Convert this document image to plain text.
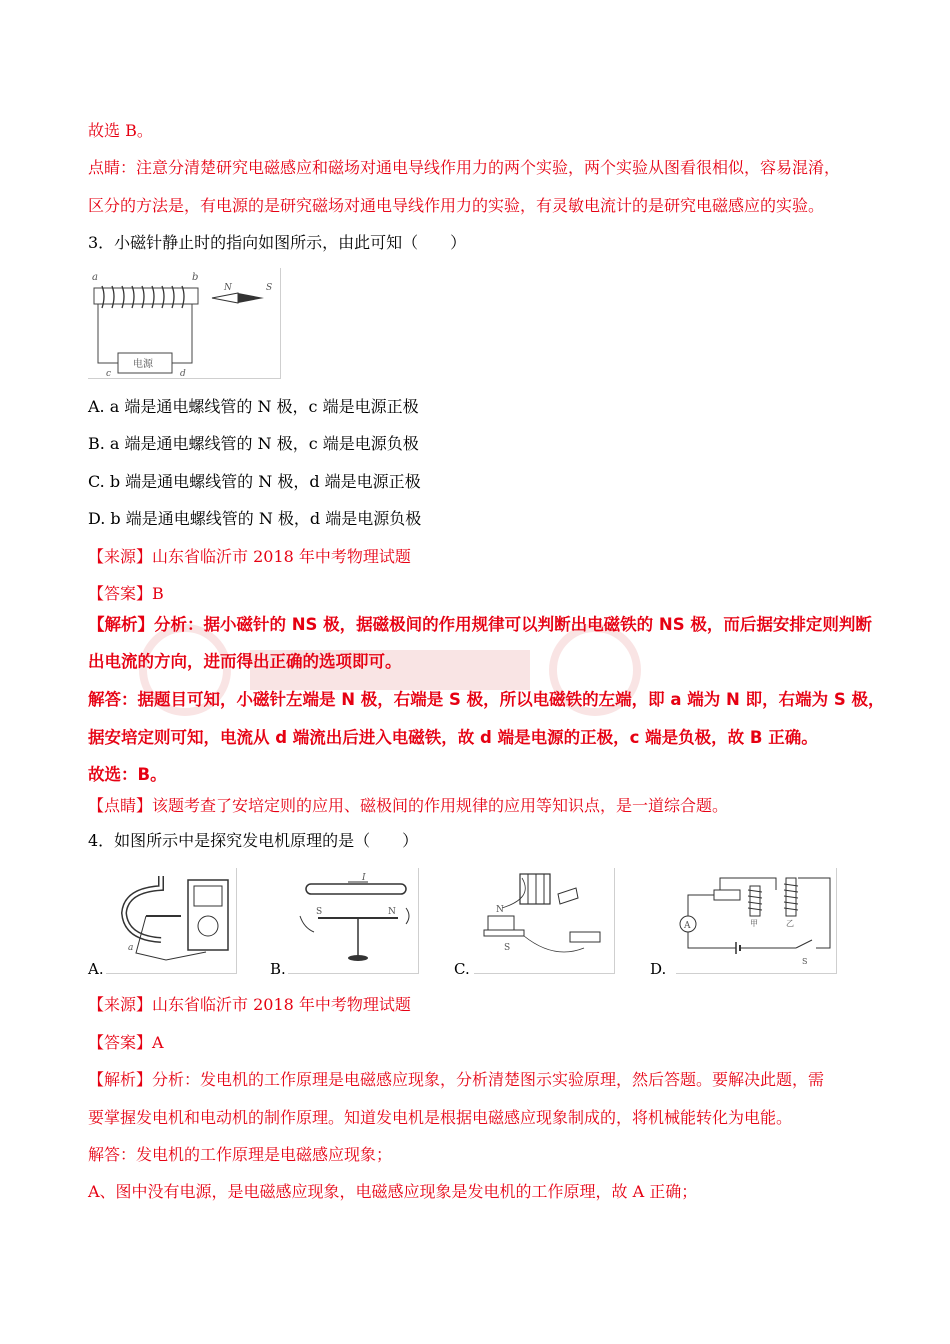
故选 B。
点睛：注意分清楚研究电磁感应和磁场对通电导线作用力的两个实验，两个实验从图看很相似，容易混淆，
区分的方法是，有电源的是研究磁场对通电导线作用力的实验，有灵敏电流计的是研究电磁感应的实验。
3．小磁针静止时的指向如图所示，由此可知（　　）
a	b
电源
c	d
N	S
A. a 端是通电螺线管的 N 极，c 端是电源正极
B. a 端是通电螺线管的 N 极，c 端是电源负极
C. b 端是通电螺线管的 N 极，d 端是电源正极
D. b 端是通电螺线管的 N 极，d 端是电源负极
【来源】山东省临沂市 2018 年中考物理试题
【答案】B
【解析】分析：据小磁针的 NS 极，据磁极间的作用规律可以判断出电磁铁的 NS 极，而后据安排定则判断
出电流的方向，进而得出正确的选项即可。
解答：据题目可知，小磁针左端是 N 极，右端是 S 极，所以电磁铁的左端，即 a 端为 N 即，右端为 S 极，
据安培定则可知，电流从 d 端流出后进入电磁铁，故 d 端是电源的正极，c 端是负极，故 B 正确。
故选：B。
【点睛】该题考查了安培定则的应用、磁极间的作用规律的应用等知识点，是一道综合题。
4．如图所示中是探究发电机原理的是（　　）
a
A.
I
S	N
B.
N
S
C.
A	甲	乙
S
D.
【来源】山东省临沂市 2018 年中考物理试题
【答案】A
【解析】分析：发电机的工作原理是电磁感应现象，分析清楚图示实验原理，然后答题。要解决此题，需
要掌握发电机和电动机的制作原理。知道发电机是根据电磁感应现象制成的，将机械能转化为电能。
解答：发电机的工作原理是电磁感应现象；
A、图中没有电源，是电磁感应现象，电磁感应现象是发电机的工作原理，故 A 正确；
